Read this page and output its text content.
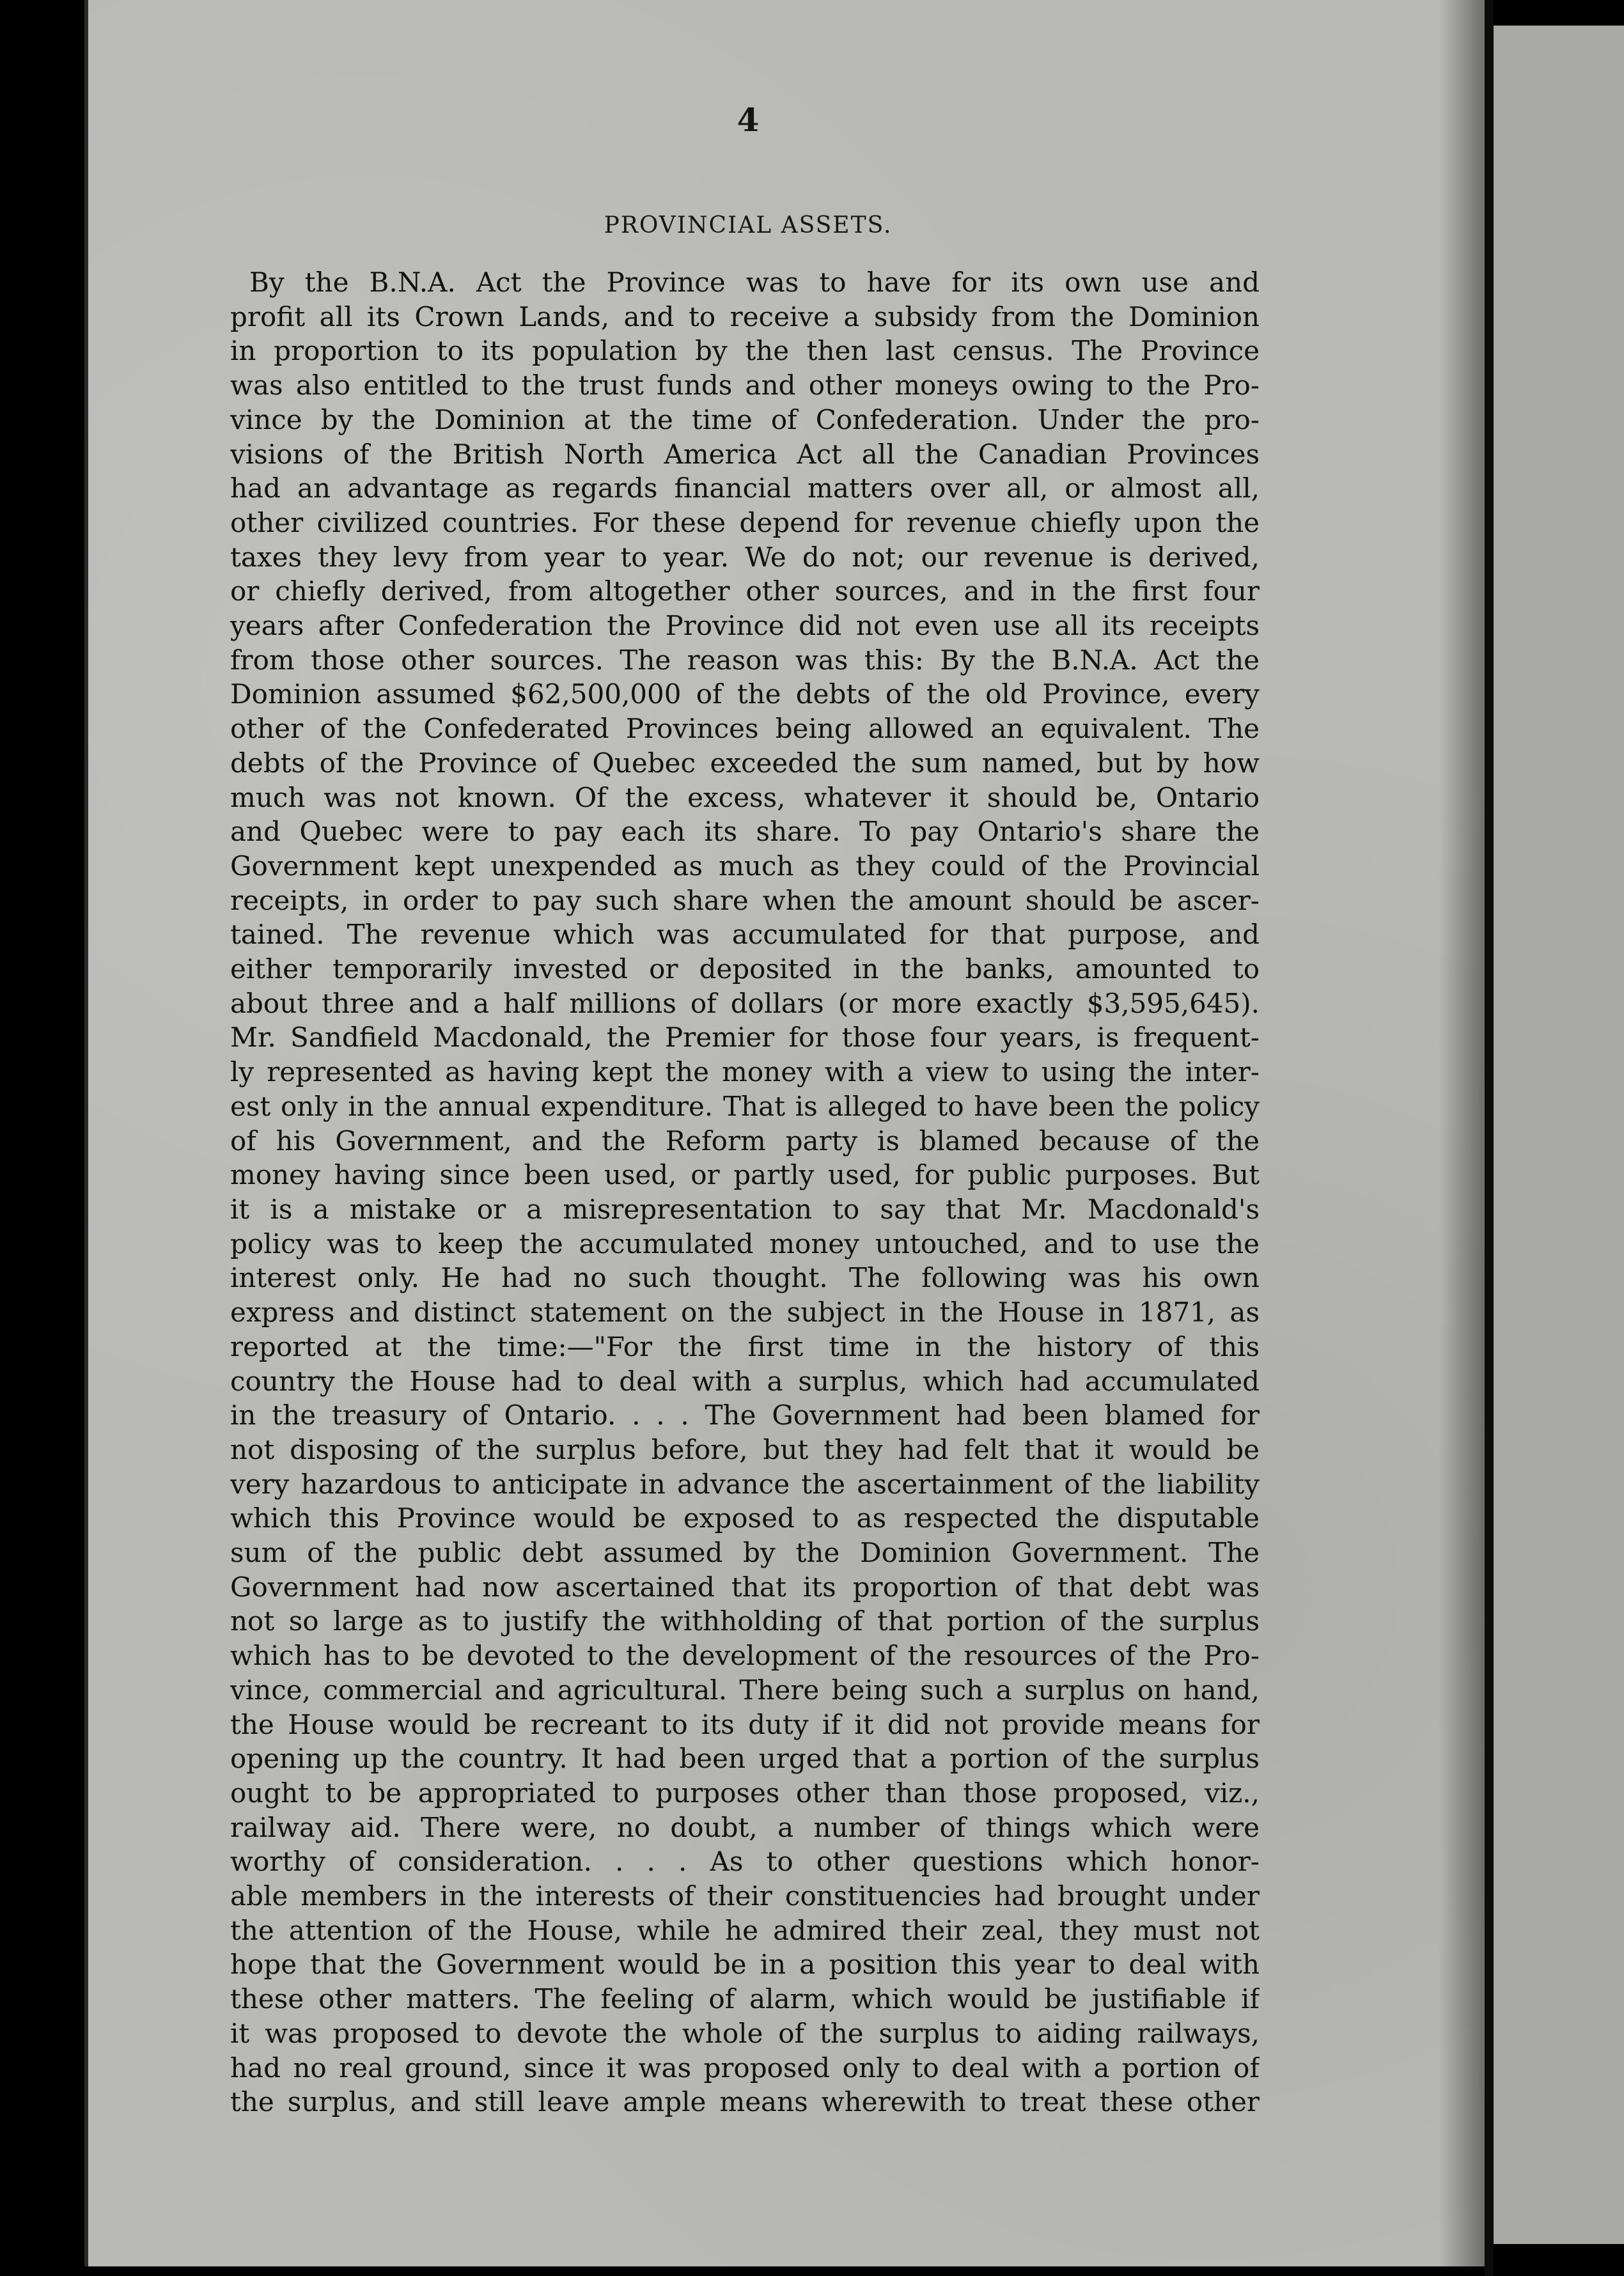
4
PROVINCIAL ASSETS.
By the B.N.A. Act the Province was to have for its own use and
profit all its Crown Lands, and to receive a subsidy from the Dominion
in proportion to its population by the then last census. The Province
was also entitled to the trust funds and other moneys owing to the Pro-
vince by the Dominion at the time of Confederation. Under the pro-
visions of the British North America Act all the Canadian Provinces
had an advantage as regards financial matters over all, or almost all,
other civilized countries. For these depend for revenue chiefly upon the
taxes they levy from year to year. We do not; our revenue is derived,
or chiefly derived, from altogether other sources, and in the first four
years after Confederation the Province did not even use all its receipts
from those other sources. The reason was this: By the B.N.A. Act the
Dominion assumed $62,500,000 of the debts of the old Province, every
other of the Confederated Provinces being allowed an equivalent. The
debts of the Province of Quebec exceeded the sum named, but by how
much was not known. Of the excess, whatever it should be, Ontario
and Quebec were to pay each its share. To pay Ontario's share the
Government kept unexpended as much as they could of the Provincial
receipts, in order to pay such share when the amount should be ascer-
tained. The revenue which was accumulated for that purpose, and
either temporarily invested or deposited in the banks, amounted to
about three and a half millions of dollars (or more exactly $3,595,645).
Mr. Sandfield Macdonald, the Premier for those four years, is frequent-
ly represented as having kept the money with a view to using the inter-
est only in the annual expenditure. That is alleged to have been the policy
of his Government, and the Reform party is blamed because of the
money having since been used, or partly used, for public purposes. But
it is a mistake or a misrepresentation to say that Mr. Macdonald's
policy was to keep the accumulated money untouched, and to use the
interest only. He had no such thought. The following was his own
express and distinct statement on the subject in the House in 1871, as
reported at the time:—"For the first time in the history of this
country the House had to deal with a surplus, which had accumulated
in the treasury of Ontario. . . . The Government had been blamed for
not disposing of the surplus before, but they had felt that it would be
very hazardous to anticipate in advance the ascertainment of the liability
which this Province would be exposed to as respected the disputable
sum of the public debt assumed by the Dominion Government. The
Government had now ascertained that its proportion of that debt was
not so large as to justify the withholding of that portion of the surplus
which has to be devoted to the development of the resources of the Pro-
vince, commercial and agricultural. There being such a surplus on hand,
the House would be recreant to its duty if it did not provide means for
opening up the country. It had been urged that a portion of the surplus
ought to be appropriated to purposes other than those proposed, viz.,
railway aid. There were, no doubt, a number of things which were
worthy of consideration. . . . As to other questions which honor-
able members in the interests of their constituencies had brought under
the attention of the House, while he admired their zeal, they must not
hope that the Government would be in a position this year to deal with
these other matters. The feeling of alarm, which would be justifiable if
it was proposed to devote the whole of the surplus to aiding railways,
had no real ground, since it was proposed only to deal with a portion of
the surplus, and still leave ample means wherewith to treat these other
